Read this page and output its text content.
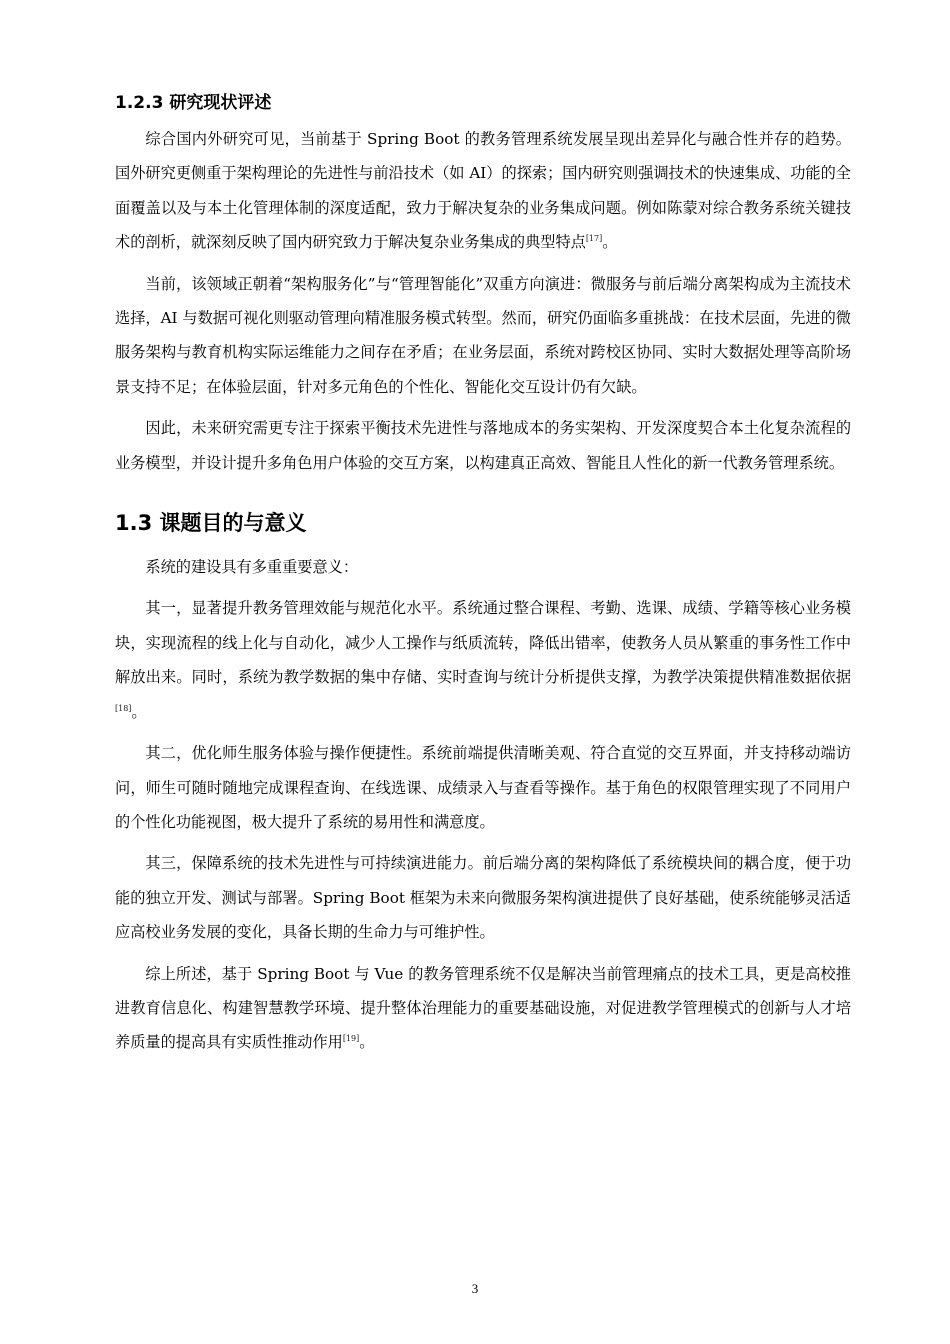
1.2.3 研究现状评述

综合国内外研究可见，当前基于 Spring Boot 的教务管理系统发展呈现出差异化与融合性并存的趋势。国外研究更侧重于架构理论的先进性与前沿技术（如 AI）的探索；国内研究则强调技术的快速集成、功能的全面覆盖以及与本土化管理体制的深度适配，致力于解决复杂的业务集成问题。例如陈蒙对综合教务系统关键技术的剖析，就深刻反映了国内研究致力于解决复杂业务集成的典型特点[17]。

当前，该领域正朝着“架构服务化”与“管理智能化”双重方向演进：微服务与前后端分离架构成为主流技术选择，AI 与数据可视化则驱动管理向精准服务模式转型。然而，研究仍面临多重挑战：在技术层面，先进的微服务架构与教育机构实际运维能力之间存在矛盾；在业务层面，系统对跨校区协同、实时大数据处理等高阶场景支持不足；在体验层面，针对多元角色的个性化、智能化交互设计仍有欠缺。

因此，未来研究需更专注于探索平衡技术先进性与落地成本的务实架构、开发深度契合本土化复杂流程的业务模型，并设计提升多角色用户体验的交互方案，以构建真正高效、智能且人性化的新一代教务管理系统。

1.3 课题目的与意义

系统的建设具有多重重要意义：

其一，显著提升教务管理效能与规范化水平。系统通过整合课程、考勤、选课、成绩、学籍等核心业务模块，实现流程的线上化与自动化，减少人工操作与纸质流转，降低出错率，使教务人员从繁重的事务性工作中解放出来。同时，系统为教学数据的集中存储、实时查询与统计分析提供支撑，为教学决策提供精准数据依据[18]。

其二，优化师生服务体验与操作便捷性。系统前端提供清晰美观、符合直觉的交互界面，并支持移动端访问，师生可随时随地完成课程查询、在线选课、成绩录入与查看等操作。基于角色的权限管理实现了不同用户的个性化功能视图，极大提升了系统的易用性和满意度。

其三，保障系统的技术先进性与可持续演进能力。前后端分离的架构降低了系统模块间的耦合度，便于功能的独立开发、测试与部署。Spring Boot 框架为未来向微服务架构演进提供了良好基础，使系统能够灵活适应高校业务发展的变化，具备长期的生命力与可维护性。

综上所述，基于 Spring Boot 与 Vue 的教务管理系统不仅是解决当前管理痛点的技术工具，更是高校推进教育信息化、构建智慧教学环境、提升整体治理能力的重要基础设施，对促进教学管理模式的创新与人才培养质量的提高具有实质性推动作用[19]。

3
